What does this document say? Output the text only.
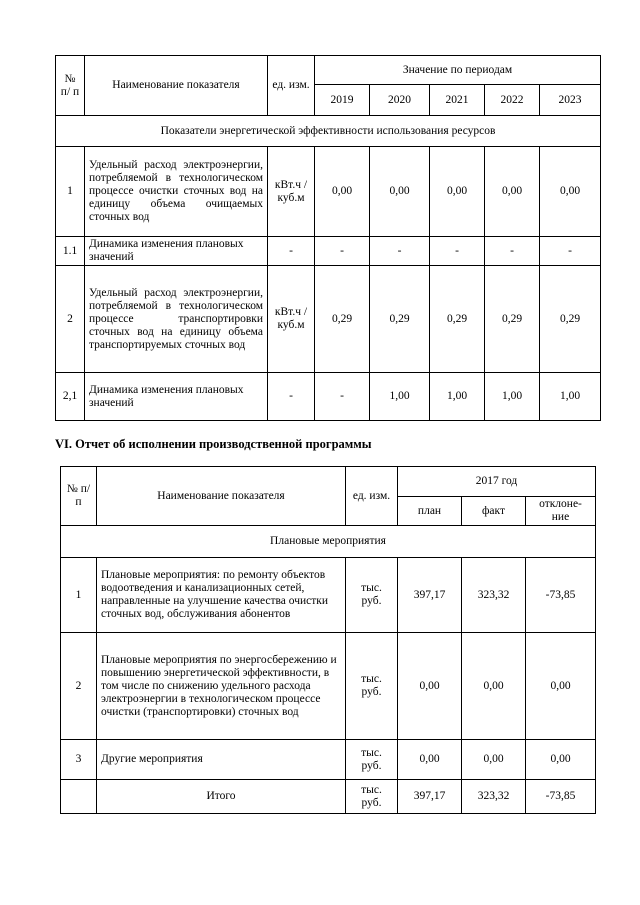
№ п/ п	Наименование показателя	ед. изм.	Значение по периодам				
			2019	2020	2021	2022	2023
Показатели энергетической эффективности использования ресурсов							
1	Удельный расход электроэнергии, потребляемой в технологическом процессе очистки сточных вод на единицу объема очищаемых сточных вод	кВт.ч / куб.м	0,00	0,00	0,00	0,00	0,00
1.1	Динамика изменения плановых значений	-	-	-	-	-	-
2	Удельный расход электроэнергии, потребляемой в технологическом процессе транспортировки сточных вод на единицу объема транспортируемых сточных вод	кВт.ч / куб.м	0,29	0,29	0,29	0,29	0,29
2,1	Динамика изменения плановых значений	-	-	1,00	1,00	1,00	1,00
VI. Отчет об исполнении производственной программы
№ п/п	Наименование показателя	ед. изм.	2017 год		
			план	факт	отклоне- ние
Плановые мероприятия					
1	Плановые мероприятия: по ремонту объектов водоотведения и канализационных сетей, направленные на улучшение качества очистки сточных вод, обслуживания абонентов	тыс. руб.	397,17	323,32	-73,85
2	Плановые мероприятия по энергосбережению и повышению энергетической эффективности, в том числе по снижению удельного расхода электроэнергии в технологическом процессе очистки (транспортировки) сточных вод	тыс. руб.	0,00	0,00	0,00
3	Другие мероприятия	тыс. руб.	0,00	0,00	0,00
	Итого	тыс. руб.	397,17	323,32	-73,85
